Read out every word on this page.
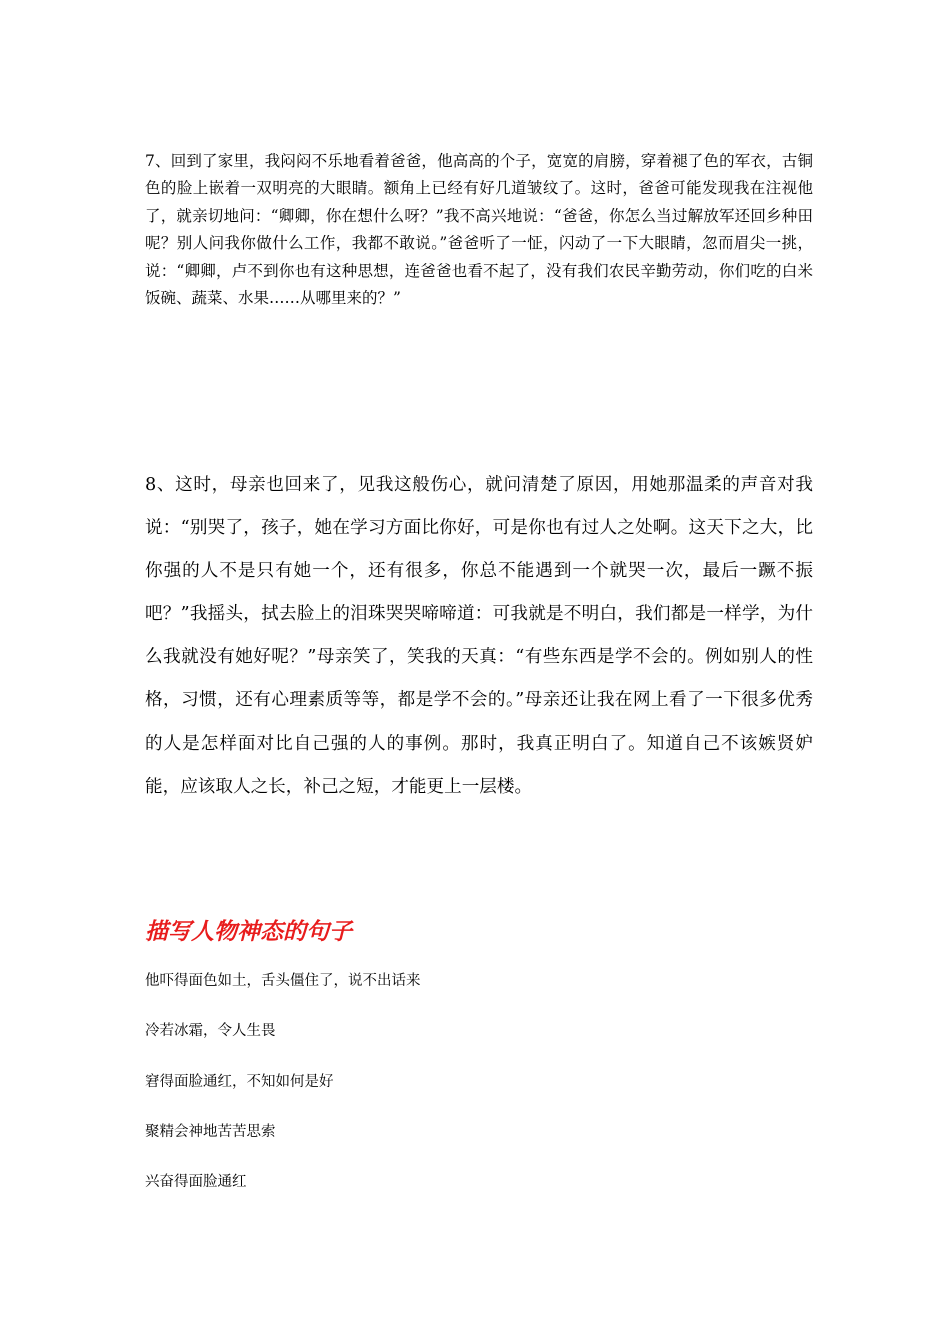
7、回到了家里，我闷闷不乐地看着爸爸，他高高的个子，宽宽的肩膀，穿着褪了色的军衣，古铜色的脸上嵌着一双明亮的大眼睛。额角上已经有好几道皱纹了。这时，爸爸可能发现我在注视他了，就亲切地问：“卿卿，你在想什么呀？”我不高兴地说：“爸爸，你怎么当过解放军还回乡种田呢？别人问我你做什么工作，我都不敢说。”爸爸听了一怔，闪动了一下大眼睛，忽而眉尖一挑，说：“卿卿，卢不到你也有这种思想，连爸爸也看不起了，没有我们农民辛勤劳动，你们吃的白米饭碗、蔬菜、水果……从哪里来的？”

8、这时，母亲也回来了，见我这般伤心，就问清楚了原因，用她那温柔的声音对我说：“别哭了，孩子，她在学习方面比你好，可是你也有过人之处啊。这天下之大，比你强的人不是只有她一个，还有很多，你总不能遇到一个就哭一次，最后一蹶不振吧？”我摇头，拭去脸上的泪珠哭哭啼啼道：可我就是不明白，我们都是一样学，为什么我就没有她好呢？”母亲笑了，笑我的天真：“有些东西是学不会的。例如别人的性格，习惯，还有心理素质等等，都是学不会的。”母亲还让我在网上看了一下很多优秀的人是怎样面对比自己强的人的事例。那时，我真正明白了。知道自己不该嫉贤妒能，应该取人之长，补己之短，才能更上一层楼。

描写人物神态的句子

他吓得面色如土，舌头僵住了，说不出话来

冷若冰霜，令人生畏

窘得面脸通红，不知如何是好

聚精会神地苦苦思索

兴奋得面脸通红
